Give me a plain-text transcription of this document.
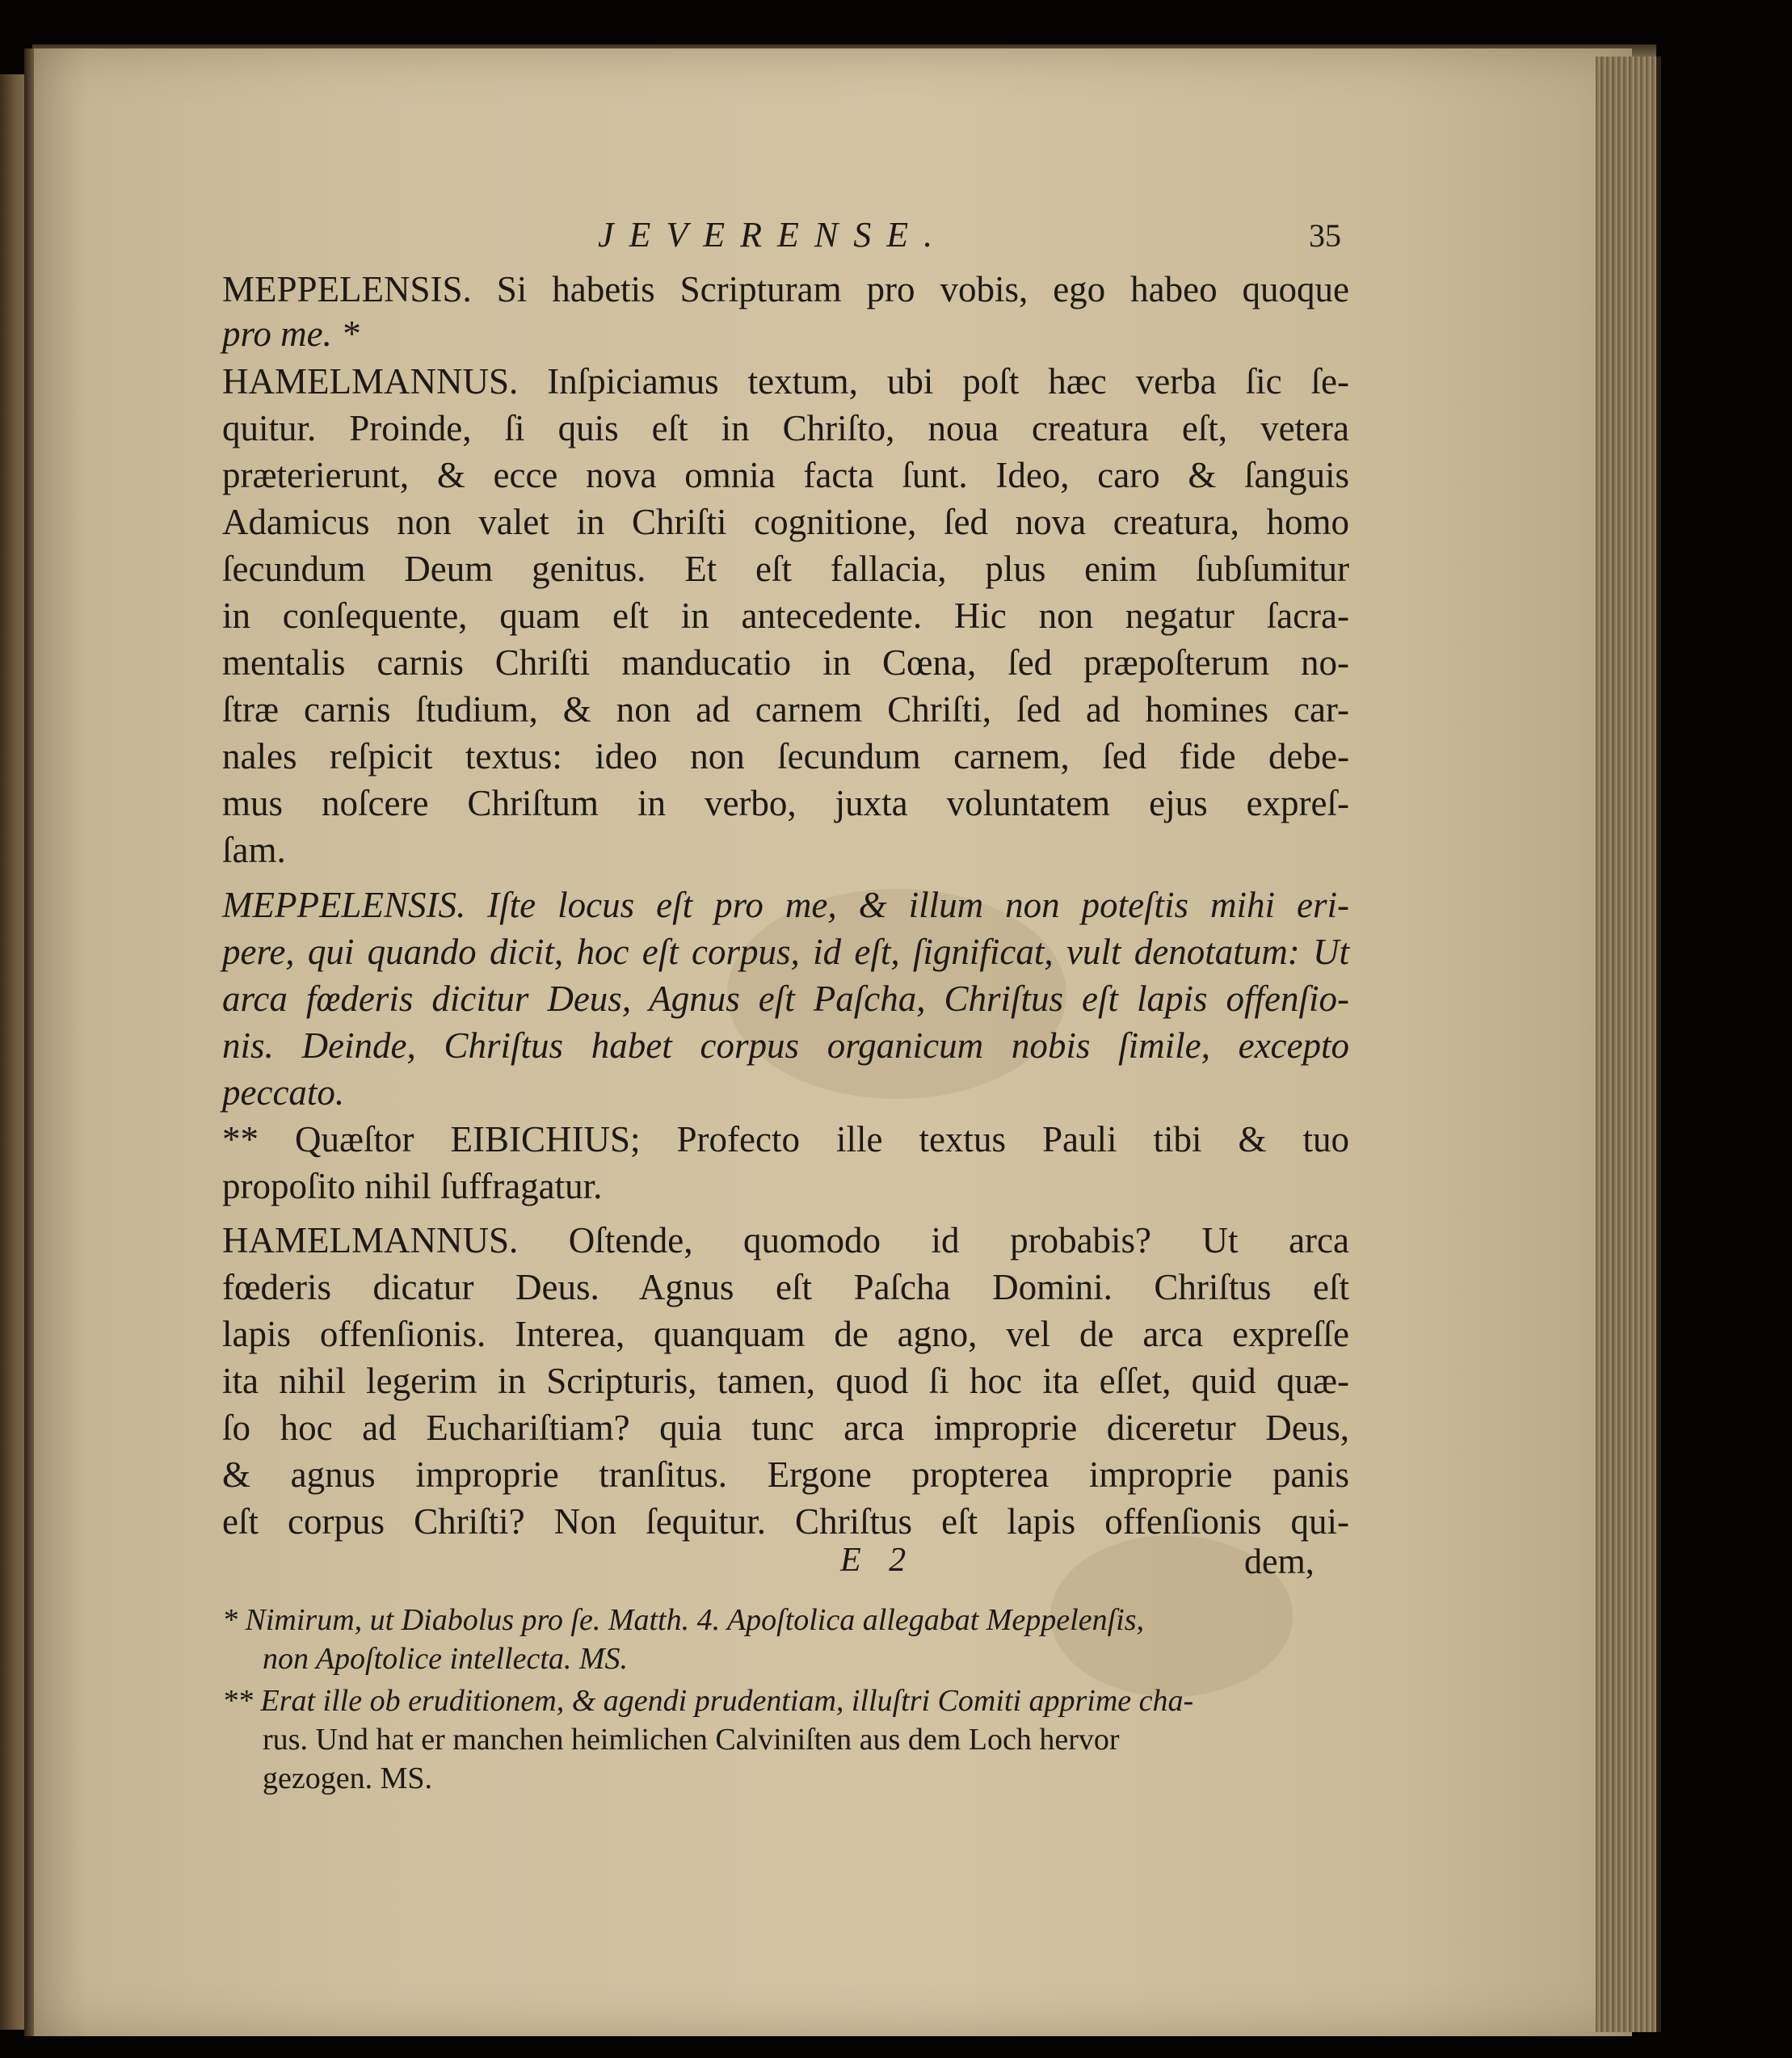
JEVERENSE.	35
MEPPELENSIS. Si habetis Scripturam pro vobis, ego habeo quoque
pro me. *
HAMELMANNUS. Inſpiciamus textum, ubi poſt hæc verba ſic ſe-
quitur. Proinde, ſi quis eſt in Chriſto, noua creatura eſt, vetera
præterierunt, & ecce nova omnia facta ſunt. Ideo, caro & ſanguis
Adamicus non valet in Chriſti cognitione, ſed nova creatura, homo
ſecundum Deum genitus. Et eſt fallacia, plus enim ſubſumitur
in conſequente, quam eſt in antecedente. Hic non negatur ſacra-
mentalis carnis Chriſti manducatio in Cœna, ſed præpoſterum no-
ſtræ carnis ſtudium, & non ad carnem Chriſti, ſed ad homines car-
nales reſpicit textus: ideo non ſecundum carnem, ſed fide debe-
mus noſcere Chriſtum in verbo, juxta voluntatem ejus expreſ-
ſam.
MEPPELENSIS. Iſte locus eſt pro me, & illum non poteſtis mihi eri-
pere, qui quando dicit, hoc eſt corpus, id eſt, ſignificat, vult denotatum: Ut
arca fœderis dicitur Deus, Agnus eſt Paſcha, Chriſtus eſt lapis offenſio-
nis. Deinde, Chriſtus habet corpus organicum nobis ſimile, excepto
peccato.
** Quæſtor EIBICHIUS; Profecto ille textus Pauli tibi & tuo
propoſito nihil ſuffragatur.
HAMELMANNUS. Oſtende, quomodo id probabis? Ut arca
fœderis dicatur Deus. Agnus eſt Paſcha Domini. Chriſtus eſt
lapis offenſionis. Interea, quanquam de agno, vel de arca expreſſe
ita nihil legerim in Scripturis, tamen, quod ſi hoc ita eſſet, quid quæ-
ſo hoc ad Euchariſtiam? quia tunc arca improprie diceretur Deus,
& agnus improprie tranſitus. Ergone propterea improprie panis
eſt corpus Chriſti? Non ſequitur. Chriſtus eſt lapis offenſionis qui-
E 2	dem,
* Nimirum, ut Diabolus pro ſe. Matth. 4. Apoſtolica allegabat Meppelenſis,
non Apoſtolice intellecta. MS.
** Erat ille ob eruditionem, & agendi prudentiam, illuſtri Comiti apprime cha-
rus. Und hat er manchen heimlichen Calviniſten aus dem Loch hervor
gezogen. MS.
